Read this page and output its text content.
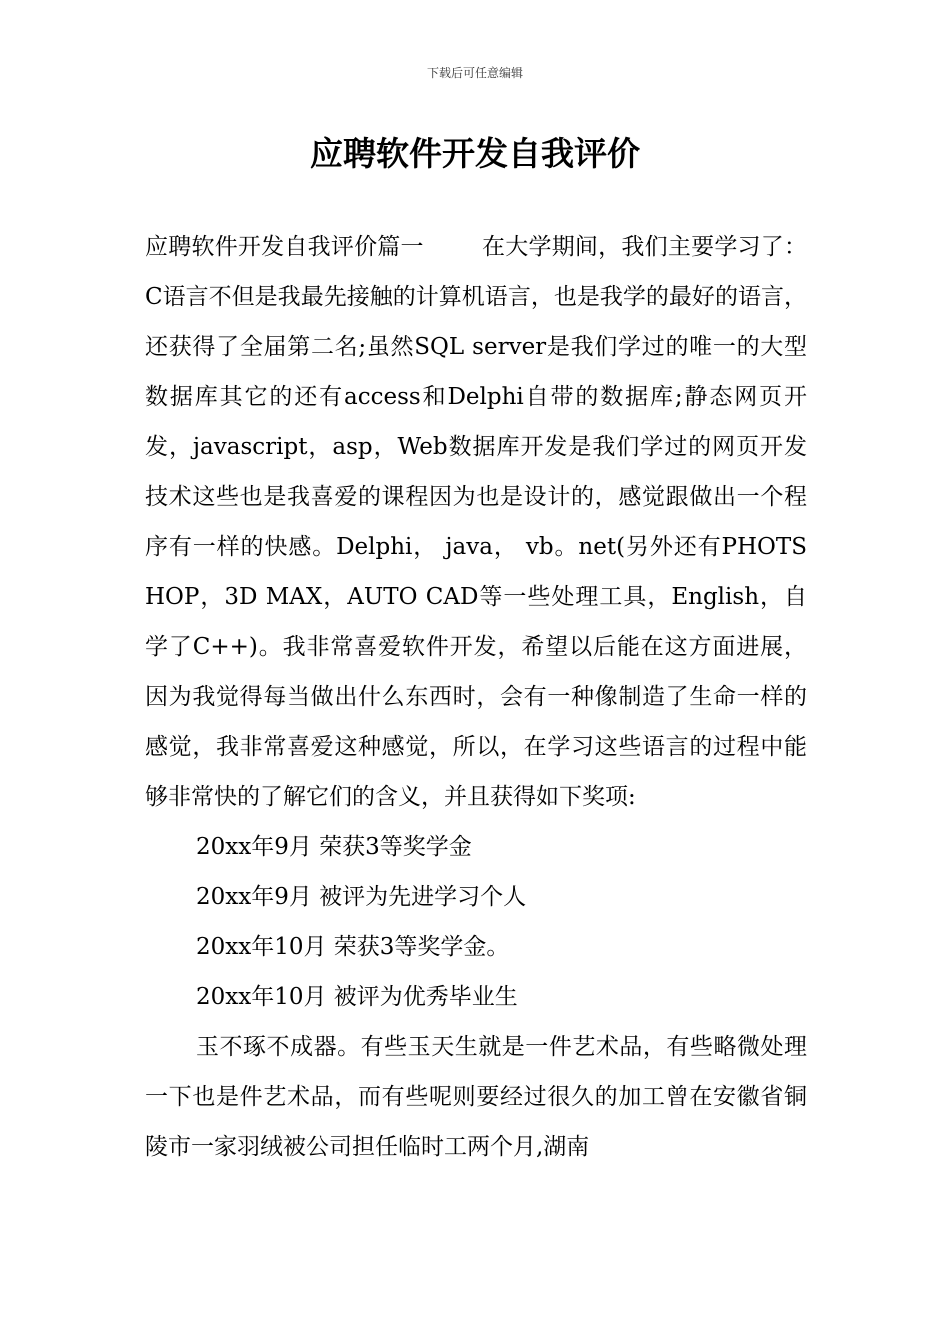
下载后可任意编辑
应聘软件开发自我评价

应聘软件开发自我评价篇一	在大学期间，我们主要学习了：C语言不但是我最先接触的计算机语言，也是我学的最好的语言，还获得了全届第二名;虽然SQL server是我们学过的唯一的大型数据库其它的还有access和Delphi自带的数据库;静态网页开发，javascript，asp，Web数据库开发是我们学过的网页开发技术这些也是我喜爱的课程因为也是设计的，感觉跟做出一个程序有一样的快感。Delphi， java， vb。net(另外还有PHOTSHOP，3D MAX，AUTO CAD等一些处理工具，English，自学了C++)。我非常喜爱软件开发，希望以后能在这方面进展，因为我觉得每当做出什么东西时，会有一种像制造了生命一样的感觉，我非常喜爱这种感觉，所以，在学习这些语言的过程中能够非常快的了解它们的含义，并且获得如下奖项:

20xx年9月 荣获3等奖学金

20xx年9月 被评为先进学习个人

20xx年10月 荣获3等奖学金。

20xx年10月 被评为优秀毕业生

玉不琢不成器。有些玉天生就是一件艺术品，有些略微处理一下也是件艺术品，而有些呢则要经过很久的加工曾在安徽省铜陵市一家羽绒被公司担任临时工两个月,湖南
